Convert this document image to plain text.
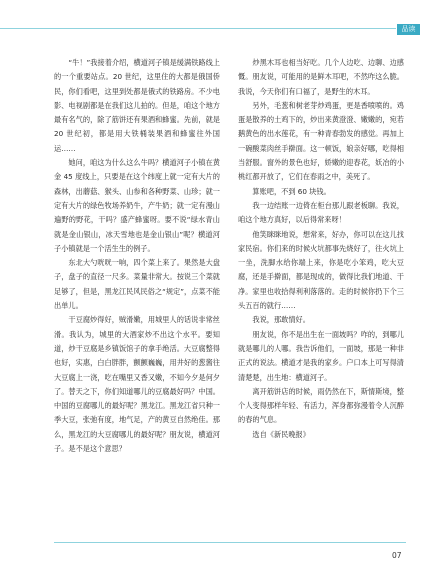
品读

“牛！”我接着介绍，横道河子镇是缓满铁路线上的一个重要站点。20 世纪，这里住的大都是俄国侨民，你们看吧，这里到处都是俄式的铁路房。不少电影、电视剧都是在我们这儿拍的。但是，咱这个地方最有名气的，除了筋饼还有果酒和蜂蜜。先前，就是 20 世纪初，都是用大铁桶装果酒和蜂蜜往外国运……

她问，咱这为什么这么牛吗？横道河子小镇在黄金 45 度线上，只要是在这个纬度上就一定有大片的森林，出蘑菇、猴头、山参和各种野菜、山珍；就一定有大片的绿色牧场养奶牛，产牛奶；就一定有漫山遍野的野花，干吗？盛产蜂蜜呀。要不说“绿水青山就是金山银山，冰天雪地也是金山银山”呢？横道河子小镇就是一个活生生的例子。

东北大勺咣咣一响，四个菜上来了。果然是大盘子，盘子的直径一尺多。菜量非常大。按说三个菜就足够了，但是，黑龙江民风民俗之“规定”，点菜不能出单儿。

干豆腐炒得好，贼滑嫩，用城里人的话说非常丝滑。我认为，城里的大酒家炒不出这个水平。要知道，炒干豆腐是乡镇饭馆子的拿手绝活。大豆腐整得也好，实惠，白白胖胖，颤颤巍巍，用井好的葱酱往大豆腐上一浇，吃在嘴里又香又嫩，不知今夕是何夕了。替天之下，你们知道哪儿的豆腐最好吗？中国。中国的豆腐哪儿的最好呢？黑龙江。黑龙江省只种一季大豆，张弛有度，地气足，产的黄豆自然绝佳。那么，黑龙江的大豆腐哪儿的最好呢？朋友说，横道河子。是不是这个意思？

炒黑木耳也相当好吃。几个人边吃、边聊、边感慨。朋友说，可能用的是鲜木耳吧，不然咋这么脆。我说，今天你们有口福了，是野生的木耳。

另外，毛葱和树老芽炒鸡蛋，更是香喷喷的。鸡蛋是散养的土鸡下的，炒出来黄澄澄、嫩嫩的，宛若鹅黄色的出水莲花，有一种青春勃发的感觉。再加上一碗酸菜肉丝手擀面。这一顿饭，娘亲好哪，吃得相当舒服。窗外的景色也好，娇嫩的迎春花，妖冶的小桃红都开放了，它们在春雨之中，美死了。

算账吧，不到 60 块钱。

我一边结账一边倚在柜台那儿跟老板聊。我说，咱这个地方真好，以后得常来呀！

他笑眯眯地说，想常来，好办，你可以在这儿找家民宿。你们来的时候火坑都事先烧好了，往火坑上一坐，洗脚水给你端上来，你是吃小笨鸡，吃大豆腐，还是手擀面，都是现成的，做得比我们地道、干净。家里也收拾得利利落落的。走的时候你扔下个三头五百的就行……

我说，那敢情好。

朋友说，你不是出生在一面坡吗？咋的，到哪儿就是哪儿的人哪。我告诉他们，一面坡，那是一种非正式的说法。横道才是我的家乡。户口本上可写得清清楚楚，出生地：横道河子。

离开筋饼店的时候，雨仍然在下，斯情斯境，整个人变得那样年轻、有活力，浑身都弥漫着令人沉醉的春的气息。

选自《新民晚报》

07
